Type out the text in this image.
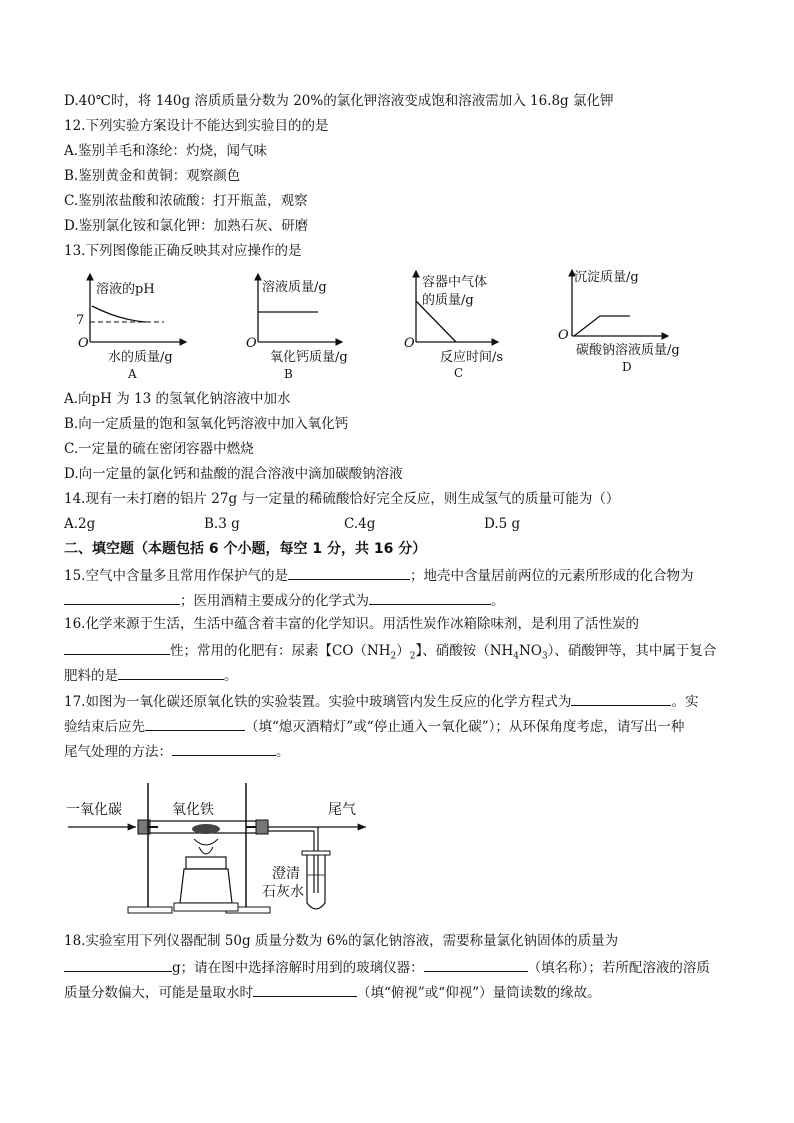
D.40℃时，将 140g 溶质质量分数为 20%的氯化钾溶液变成饱和溶液需加入 16.8g 氯化钾
12.下列实验方案设计不能达到实验目的的是
A.鉴别羊毛和涤纶：灼烧，闻气味
B.鉴别黄金和黄铜：观察颜色
C.鉴别浓盐酸和浓硫酸：打开瓶盖，观察
D.鉴别氯化铵和氯化钾：加熟石灰、研磨
13.下列图像能正确反映其对应操作的是
溶液的pH
7
O
水的质量/g
A
溶液质量/g
O
氧化钙质量/g
B
容器中气体
的质量/g
O
反应时间/s
C
沉淀质量/g
O
碳酸钠溶液质量/g
D
A.向pH 为 13 的氢氧化钠溶液中加水
B.向一定质量的饱和氢氧化钙溶液中加入氧化钙
C.一定量的硫在密闭容器中燃烧
D.向一定量的氯化钙和盐酸的混合溶液中滴加碳酸钠溶液
14.现有一未打磨的铝片 27g 与一定量的稀硫酸恰好完全反应，则生成氢气的质量可能为（）
A.2g	B.3 g	C.4g	D.5 g
二、填空题（本题包括 6 个小题，每空 1 分，共 16 分）
15.空气中含量多且常用作保护气的是	；地壳中含量居前两位的元素所形成的化合物为
；医用酒精主要成分的化学式为	。
16.化学来源于生活，生活中蕴含着丰富的化学知识。用活性炭作冰箱除味剂，是利用了活性炭的
性；常用的化肥有：尿素【$CO(NH_2)_2$】、硝酸铵$(NH_4NO_3)$、硝酸钾等，其中属于复合
肥料的是	。
17.如图为一氧化碳还原氧化铁的实验装置。实验中玻璃管内发生反应的化学方程式为	。实
验结束后应先	（填“熄灭酒精灯”或“停止通入一氧化碳”）；从环保角度考虑，请写出一种
尾气处理的方法：	。
一氧化碳	氧化铁	尾气
澄清
石灰水
18.实验室用下列仪器配制 50g 质量分数为 6%的氯化钠溶液，需要称量氯化钠固体的质量为
g；请在图中选择溶解时用到的玻璃仪器：	（填名称）；若所配溶液的溶质
质量分数偏大，可能是量取水时	（填“俯视”或“仰视”）量筒读数的缘故。
